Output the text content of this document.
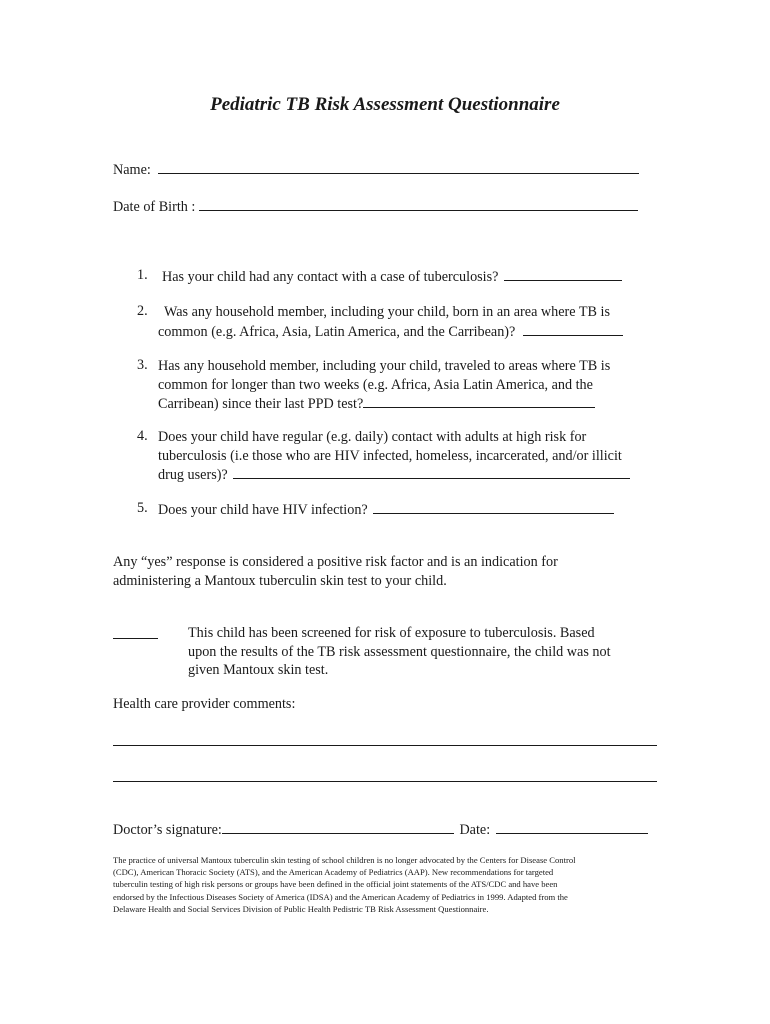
Pediatric TB Risk Assessment Questionnaire
Name:
Date of Birth :
1. Has your child had any contact with a case of tuberculosis?
2. Was any household member, including your child, born in an area where TB is
common (e.g. Africa, Asia, Latin America, and the Carribean)?
3. Has any household member, including your child, traveled to areas where TB is
common for longer than two weeks (e.g. Africa, Asia Latin America, and the
Carribean) since their last PPD test?
4. Does your child have regular (e.g. daily) contact with adults at high risk for
tuberculosis (i.e those who are HIV infected, homeless, incarcerated, and/or illicit
drug users)?
5. Does your child have HIV infection?
Any “yes” response is considered a positive risk factor and is an indication for
administering a Mantoux tuberculin skin test to your child.
This child has been screened for risk of exposure to tuberculosis. Based
upon the results of the TB risk assessment questionnaire, the child was not
given Mantoux skin test.
Health care provider comments:
Doctor’s signature:	Date:
The practice of universal Mantoux tuberculin skin testing of school children is no longer advocated by the Centers for Disease Control
(CDC), American Thoracic Society (ATS), and the American Academy of Pediatrics (AAP). New recommendations for targeted
tuberculin testing of high risk persons or groups have been defined in the official joint statements of the ATS/CDC and have been
endorsed by the Infectious Diseases Society of America (IDSA) and the American Academy of Pediatrics in 1999. Adapted from the
Delaware Health and Social Services Division of Public Health Pedistric TB Risk Assessment Questionnaire.
